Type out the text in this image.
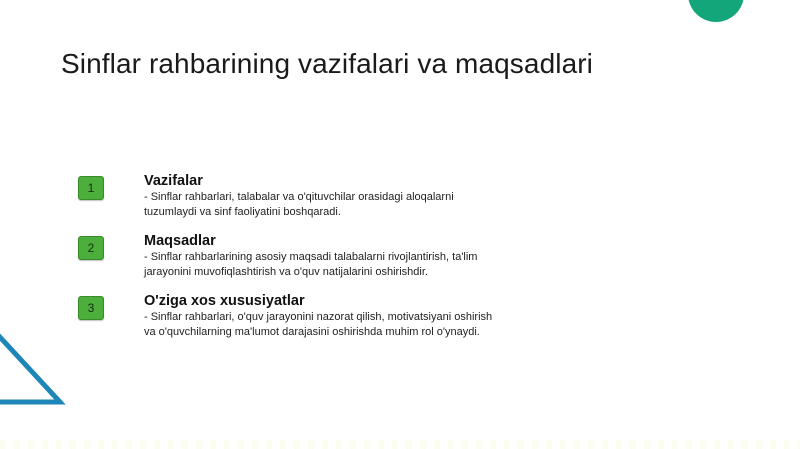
Sinflar rahbarining vazifalari va maqsadlari
1	Vazifalar
- Sinflar rahbarlari, talabalar va o'qituvchilar orasidagi aloqalarni
tuzumlaydi va sinf faoliyatini boshqaradi.
2	Maqsadlar
- Sinflar rahbarlarining asosiy maqsadi talabalarni rivojlantirish, ta'lim
jarayonini muvofiqlashtirish va o'quv natijalarini oshirishdir.
3	O'ziga xos xususiyatlar
- Sinflar rahbarlari, o'quv jarayonini nazorat qilish, motivatsiyani oshirish
va o'quvchilarning ma'lumot darajasini oshirishda muhim rol o'ynaydi.
